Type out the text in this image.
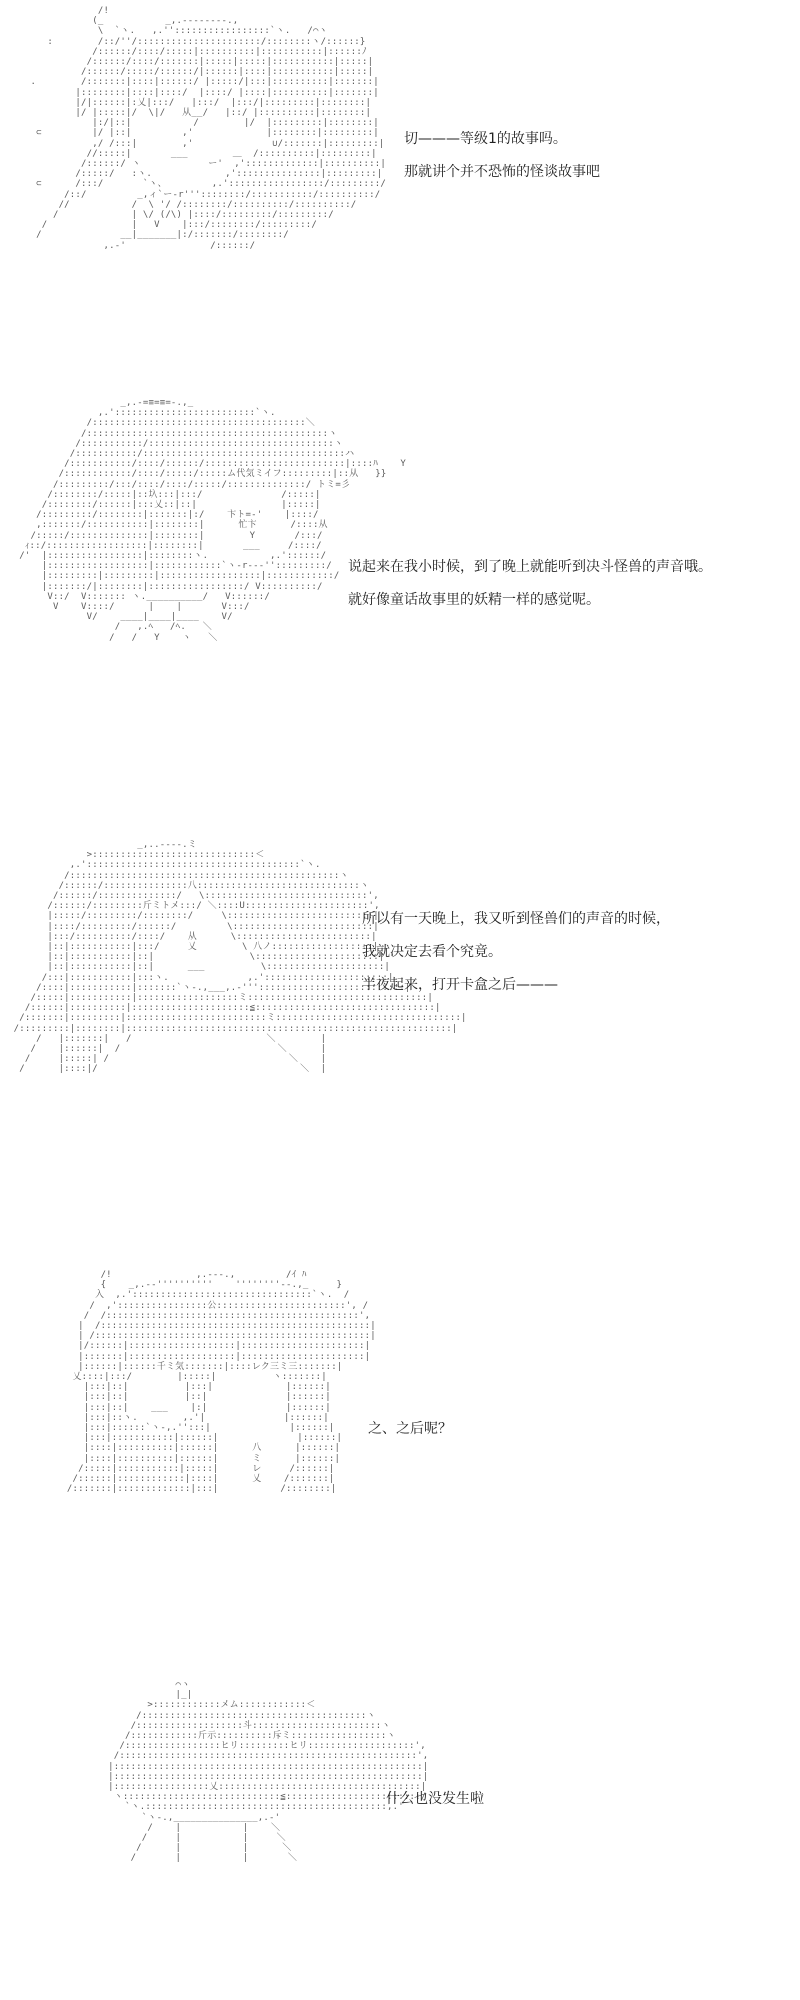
/!
(_           _,.--------.,
\  `ヽ.   ,.'':::::::::::::::::`ヽ.   /⌒ヽ
:        /::/''/::::::::::::::::::::::/::::::::ヽ/::::::}
/::::::/::::/:::::|::::::::::|:::::::::::|::::::ﾉ
/::::::/::::/:::::::|:::::|:::::|:::::::::::|:::::|
/::::::/:::::/::::::/|::::::|::::|:::::::::::|:::::|
.        /:::::::|::::|::::::/ |:::::/|:::|::::::::::|:::::::|
|::::::::|::::|::::/  |::::/ |::::|::::::::::|:::::::|
|/|::::::|:乂|:::/   |:::/  |:::/|:::::::::|::::::::|
|/ |:::::|/  \|/   从__/   |::/ |::::::::::|::::::::|
|:/|::|           /        |/  |:::::::::|::::::::|
⊂         |/ |::|         ,'             |::::::::|:::::::::|
,/ /:::|        ,'              ∪/:::::::|:::::::::|
//:::::|       ___        ＿  /::::::::::|:::::::::|
/::::::/ ヽ            ー'  ,':::::::::::::|::::::::::|
/:::::/   :ヽ.             ,':::::::::::::::|:::::::::|
⊂      /:::/       `ヽ、        ,.':::::::::::::::::/:::::::::/
/::/         _,ィ`ー-r'''::::::::/:::::::::::/::::::::::/
//           /  \ '/ /::::::::/::::::::::/::::::::::/
/             | \/ (/\) |::::/:::::::::/:::::::::/
/               |   V    |:::/::::::::/:::::::::/
/              __|_______|:/:::::::/::::::::/
,.‐'               /::::::/

切———等级1的故事吗。

那就讲个并不恐怖的怪谈故事吧

_,.-=≡=≡=-.,_
,.':::::::::::::::::::::::::`ヽ.
/::::::::::::::::::::::::::::::::::::::＼
/:::::::::::::::::::::::::::::::::::::::::::ヽ
/:::::::::::/:::::::::::::::::::::::::::::::::ヽ
/:::::::::::/::::::::::::::::::::::::::::::::::::ハ
/:::::::::::/::::/::::::/:::::::::::::::::::::::::|::::ﾊ    Y
/::::::::::::/::::/:::::/:::::ム代気ミイフ:::::::::|::从   }}
/:::::::::/:::/::::/::::/:::::/::::::::::::::/ トミ=彡
/::::::::/:::::|::圦:::|:::/              /:::::|
/::::::::/::::::|:::乂::|::|               |:::::|
/:::::::::/::::::::|:::::::|:/    卞ト=-'    |::::/
,:::::::/:::::::::::|::::::::|      忙卞      /::::从
/:::::/::::::::::::::|::::::::|        Y       /:::/
ｨ::/::::::::::::::::::|::::::::|       ___     /::::/
/'  |:::::::::::::::::|::::::::ヽ.           ,.'::::::/
|::::::::::::::::::|::::::::::::`ヽ-r---'':::::::::/
|:::::::::|:::::::::|::::::::::::::::::|::::::::::::/
|:::::::/|::::::::|:::::::::::::::::/ V::::::::::/
V::/  V::::::: ヽ.__________/   V::::::/
V    V::::/      |    |       V:::/
V/    ____|____|____    V/
/   ,.ﾍ   /ﾍ.   ＼
/   /   Y    ヽ   ＼

说起来在我小时候，到了晚上就能听到决斗怪兽的声音哦。

就好像童话故事里的妖精一样的感觉呢。

_,..----.ミ
>:::::::::::::::::::::::::::::＜
,.'::::::::::::::::::::::::::::::::::::::`ヽ.
/::::::::::::::::::::::::::::::::::::::::::::::::ヽ
/::::::/:::::::::::::::八:::::::::::::::::::::::::::::ヽ
/::::::/::::::::::::::/   \:::::::::::::::::::::::::::::',
/::::::/:::::::::斤ミトメ:::/ ＼::::U::::::::::::::::::::::',
|:::::/:::::::::/::::::::/     \::::::::::::::::::::::::::|
|::::/:::::::::/::::::/         \:::::::::::::::::::::::::|
|:::/::::::::::/::::/    从      \::::::::::::::::::::::::|
|::|:::::::::::|:::/     乂        \ 八ノ::::::::::::::::::|
|::|:::::::::::|::|                 \::::::::::::::::::::::|
|::|:::::::::::|::|      ___          \:::::::::::::::::::::|
/:::|:::::::::::|:::ヽ.              ,.'::::::::::::::::::::::|
/::::|:::::::::::|:::::::`ヽ-.,___,.-'''::::::::::::::::::::::::::|
/:::::|:::::::::::|::::::::::::::::::ミ::::::::::::::::::::::::::::::::|
/::::::|::::::::::|:::::::::::::::::::::≦::::::::::::::::::::::::::::::::|
/:::::::|:::::::::|:::::::::::::::::::::::::ミ:::::::::::::::::::::::::::::::::|
/:::::::::|::::::::|::::::::::::::::::::::::::::::::::::::::::::::::::::::::::|
/   |:::::::|   /                        ＼        |
/    |::::::|  /                            ＼      |
/     |:::::| /                                ＼    |
/      |::::|/                                    ＼  |

所以有一天晚上，我又听到怪兽们的声音的时候，

我就决定去看个究竟。

半夜起来，打开卡盒之后———

/!               ,.-‐-.,         /ｲ ﾊ
{    _,.-‐''''''''''    ''''''''‐-.,_     }
入  ,.'::::::::::::::::::::::::::::::::`ヽ.  /
/  ,'::::::::::::::::公:::::::::::::::::::::::', /
/  /:::::::::::::::::::::::::::::::::::::::::::::',
|  /::::::::::::::::::::::::::::::::::::::::::::::::|
| /:::::::::::::::::::::::::::::::::::::::::::::::::|
|/::::::|:::::::::::::::::::|::::::::::::::::::::::|
|:::::::|:::::::::::::::::::|::::::::::::::::::::::|
|::::::|::::::千ミ気:::::::|::::レク三ミ三:::::::|
乂::::|:::/        |:::::|          ヽ:::::::|
|:::|::|          |:::|             |::::::|
|:::|::|          |::|              |::::::|
|:::|::|    ___    |:|              |::::::|
|:::|::ヽ.        ,.'|              |::::::|
|:::|::::::`ヽ-,.'':::|              |::::::|
|:::|:::::::::::|::::::|              |::::::|
|::::|::::::::::|::::::|      八      |::::::|
|::::|::::::::::|::::::|      ミ      |::::::|
/:::::|:::::::::::|:::::|      レ     /::::::|
/::::::|::::::::::::|::::|      乂    /:::::::|
/:::::::|:::::::::::::|:::|           /::::::::|

之、之后呢？

⌒ヽ
|_|
>::::::::::::メム::::::::::::＜
/::::::::::::::::::::::::::::::::::::::::ヽ
/:::::::::::::::::::斗:::::::::::::::::::::::ヽ
/::::::::::::斤示::::::::::斥ミ:::::::::::::::::ヽ
/:::::::::::::::::ヒリ:::::::::ヒリ:::::::::::::::::::',
/:::::::::::::::::::::::::::::::::::::::::::::::::::::',
|:::::::::::::::::::::::::::::::::::::::::::::::::::::::|
|:::::::::::::::::::::::::::::::::::::::::::::::::::::::|
|:::::::::::::::::乂::::::::::::::::::::::::::::::::::::|
ヽ::::::::::::::::::::::::::::≦::::::::::::::::::::::::/
`ヽ.:::::::::::::::::::::::::::::::::::::::::::,.'
`ヽ-.,_______________,.-'
/    |           |    ＼
/     |           |     ＼
/      |           |      ＼
/       |           |       ＼

什么也没发生啦
